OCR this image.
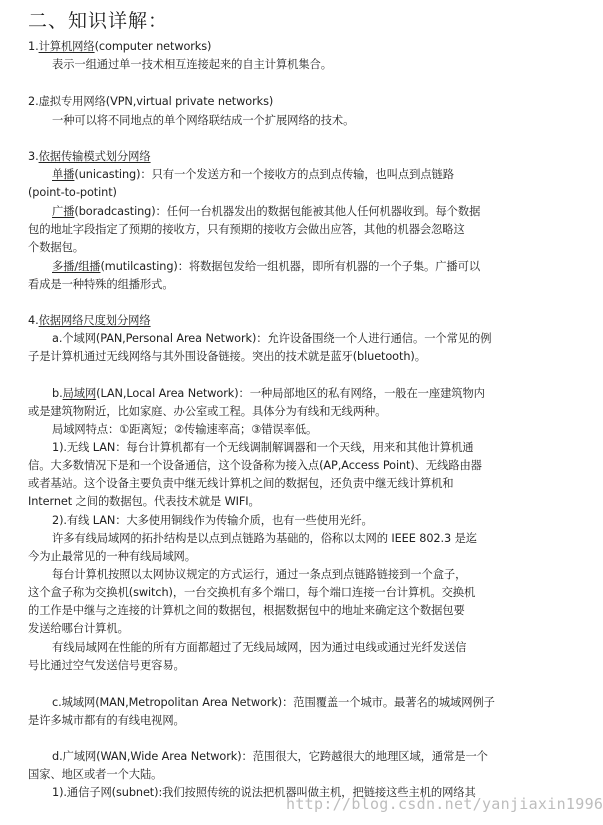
二、知识详解：
1.计算机网络(computer networks)
表示一组通过单一技术相互连接起来的自主计算机集合。
2.虚拟专用网络(VPN,virtual private networks)
一种可以将不同地点的单个网络联结成一个扩展网络的技术。
3.依据传输模式划分网络
单播(unicasting)：只有一个发送方和一个接收方的点到点传输，也叫点到点链路
(point-to-potint)
广播(boradcasting)：任何一台机器发出的数据包能被其他人任何机器收到。每个数据
包的地址字段指定了预期的接收方，只有预期的接收方会做出应答，其他的机器会忽略这
个数据包。
多播/组播(mutilcasting)：将数据包发给一组机器，即所有机器的一个子集。广播可以
看成是一种特殊的组播形式。
4.依据网络尺度划分网络
a.个域网(PAN,Personal Area Network)：允许设备围绕一个人进行通信。一个常见的例
子是计算机通过无线网络与其外围设备链接。突出的技术就是蓝牙(bluetooth)。
b.局域网(LAN,Local Area Network)：一种局部地区的私有网络，一般在一座建筑物内
或是建筑物附近，比如家庭、办公室或工程。具体分为有线和无线两种。
局域网特点：①距离短；②传输速率高；③错误率低。
1).无线 LAN：每台计算机都有一个无线调制解调器和一个天线，用来和其他计算机通
信。大多数情况下是和一个设备通信，这个设备称为接入点(AP,Access Point)、无线路由器
或者基站。这个设备主要负责中继无线计算机之间的数据包，还负责中继无线计算机和
Internet 之间的数据包。代表技术就是 WIFI。
2).有线 LAN：大多使用铜线作为传输介质，也有一些使用光纤。
许多有线局域网的拓扑结构是以点到点链路为基础的，俗称以太网的 IEEE 802.3 是迄
今为止最常见的一种有线局域网。
每台计算机按照以太网协议规定的方式运行，通过一条点到点链路链接到一个盒子，
这个盒子称为交换机(switch)，一台交换机有多个端口，每个端口连接一台计算机。交换机
的工作是中继与之连接的计算机之间的数据包，根据数据包中的地址来确定这个数据包要
发送给哪台计算机。
有线局域网在性能的所有方面都超过了无线局域网，因为通过电线或通过光纤发送信
号比通过空气发送信号更容易。
c.城域网(MAN,Metropolitan Area Network)：范围覆盖一个城市。最著名的城域网例子
是许多城市都有的有线电视网。
d.广域网(WAN,Wide Area Network)：范围很大，它跨越很大的地理区域，通常是一个
国家、地区或者一个大陆。
1).通信子网(subnet):我们按照传统的说法把机器叫做主机，把链接这些主机的网络其
http://blog.csdn.net/yanjiaxin1996
